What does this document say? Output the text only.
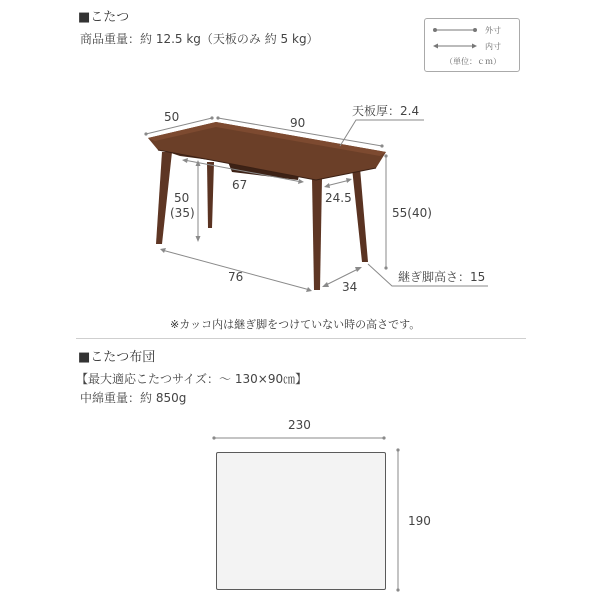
■こたつ
商品重量：約 12.5 kg（天板のみ 約 5 kg）
外寸
内寸
（単位：ｃｍ）
50	90
天板厚：2.4
67
50
(35)
24.5
55(40)
76
34
継ぎ脚高さ：15
※カッコ内は継ぎ脚をつけていない時の高さです。
■こたつ布団
【最大適応こたつサイズ：～ 130×90㎝】
中綿重量：約 850g
230
190
